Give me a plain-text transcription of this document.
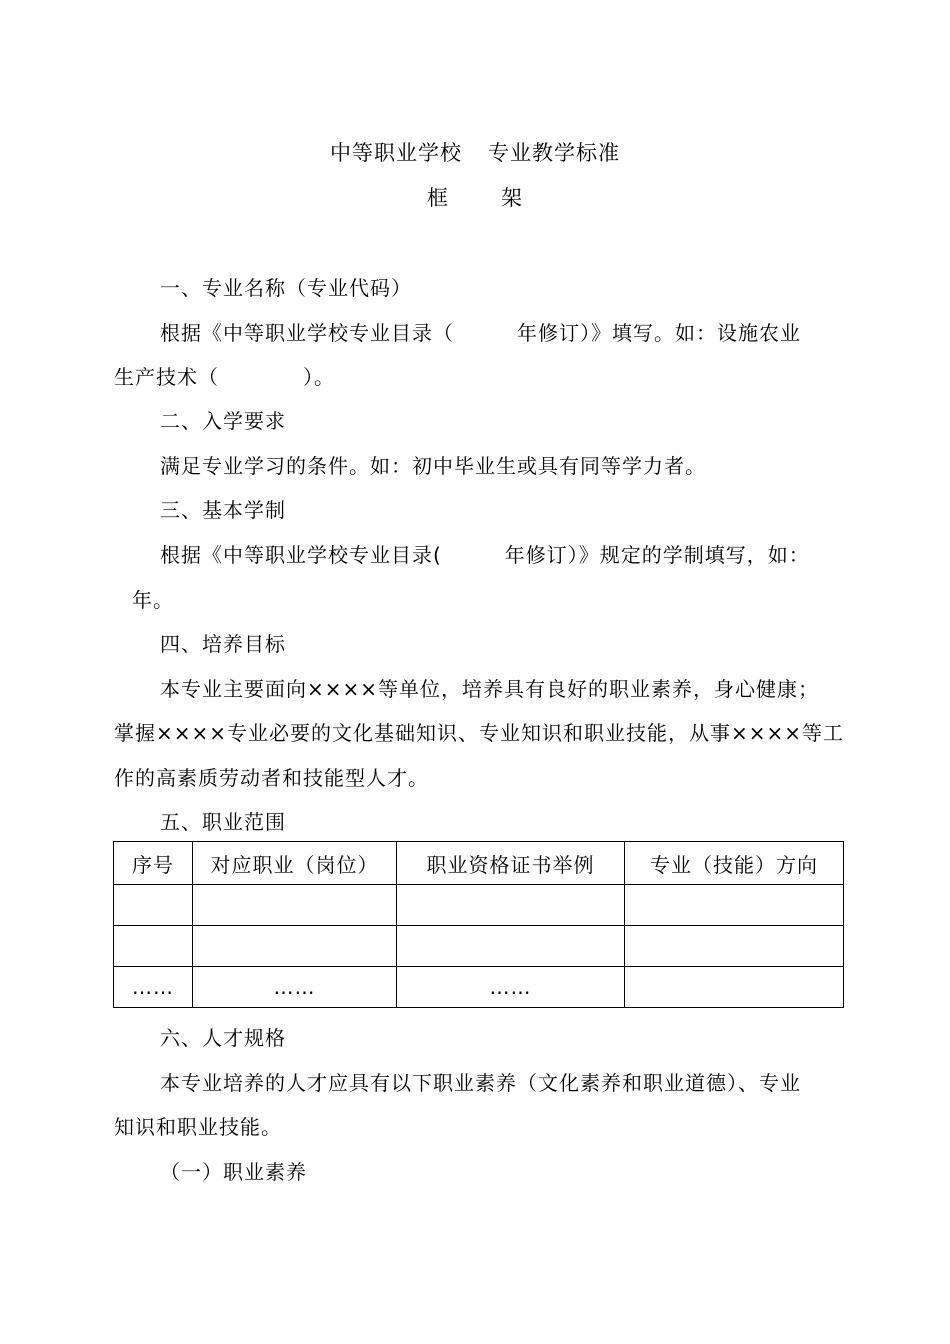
中等职业学校 专业教学标准
框 架
一、专业名称（专业代码）
根据《中等职业学校专业目录（　　　年修订）》填写。如：设施农业
生产技术（　　　　）。
二、入学要求
满足专业学习的条件。如：初中毕业生或具有同等学力者。
三、基本学制
根据《中等职业学校专业目录(　　　年修订）》规定的学制填写，如：
年。
四、培养目标
本专业主要面向××××等单位，培养具有良好的职业素养，身心健康；
掌握××××专业必要的文化基础知识、专业知识和职业技能，从事××××等工
作的高素质劳动者和技能型人才。
五、职业范围
序号	对应职业（岗位）	职业资格证书举例	专业（技能）方向

……	……	……	
六、人才规格
本专业培养的人才应具有以下职业素养（文化素养和职业道德）、专业
知识和职业技能。
（一）职业素养
